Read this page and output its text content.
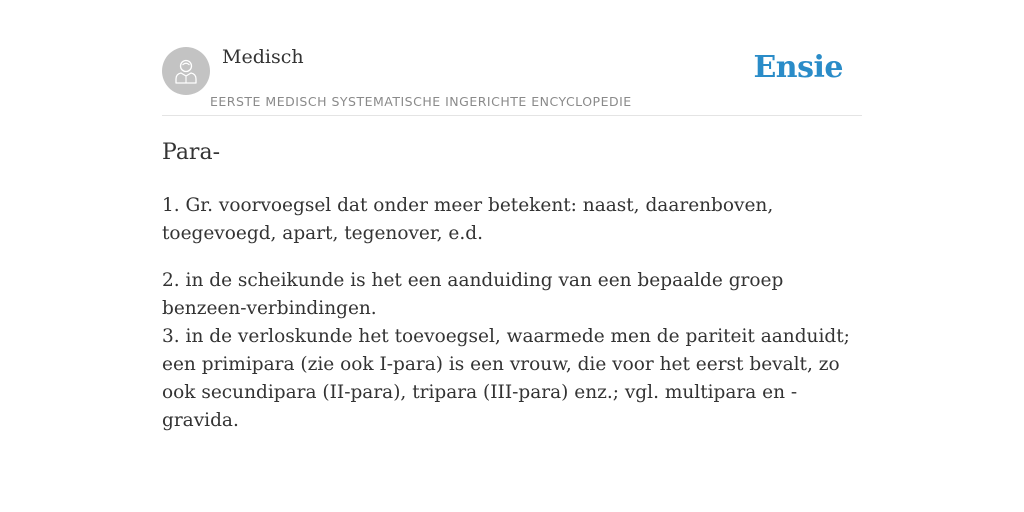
Medisch
EERSTE MEDISCH SYSTEMATISCHE INGERICHTE ENCYCLOPEDIE
Ensie
Para-

1. Gr. voorvoegsel dat onder meer betekent: naast, daarenboven, toegevoegd, apart, tegenover, e.d.

2. in de scheikunde is het een aanduiding van een bepaalde groep benzeen-verbindingen.

3. in de verloskunde het toevoegsel, waarmede men de pariteit aanduidt; een primipara (zie ook I-para) is een vrouw, die voor het eerst bevalt, zo ook secundipara (II-para), tripara (III-para) enz.; vgl. multipara en -gravida.
